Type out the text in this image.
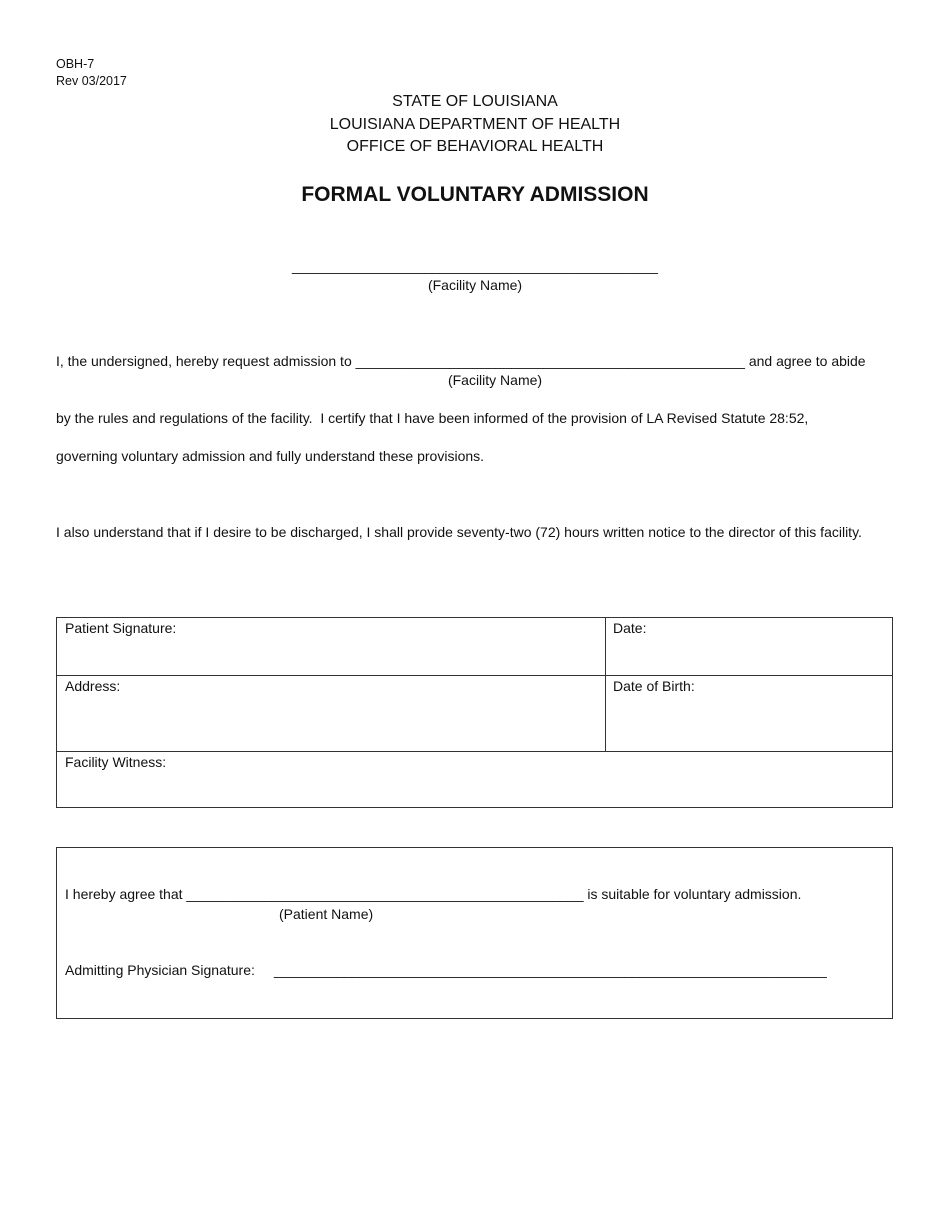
OBH-7
Rev 03/2017
STATE OF LOUISIANA
LOUISIANA DEPARTMENT OF HEALTH
OFFICE OF BEHAVIORAL HEALTH
FORMAL VOLUNTARY ADMISSION
_______________________________________________
(Facility Name)
I, the undersigned, hereby request admission to __________________________________________________ and agree to abide
(Facility Name)
by the rules and regulations of the facility.  I certify that I have been informed of the provision of LA Revised Statute 28:52,
governing voluntary admission and fully understand these provisions.
I also understand that if I desire to be discharged, I shall provide seventy-two (72) hours written notice to the director of this facility.
Patient Signature:	Date:
Address:	Date of Birth:
Facility Witness:
I hereby agree that ___________________________________________________ is suitable for voluntary admission.
(Patient Name)
Admitting Physician Signature: _______________________________________________________________________
